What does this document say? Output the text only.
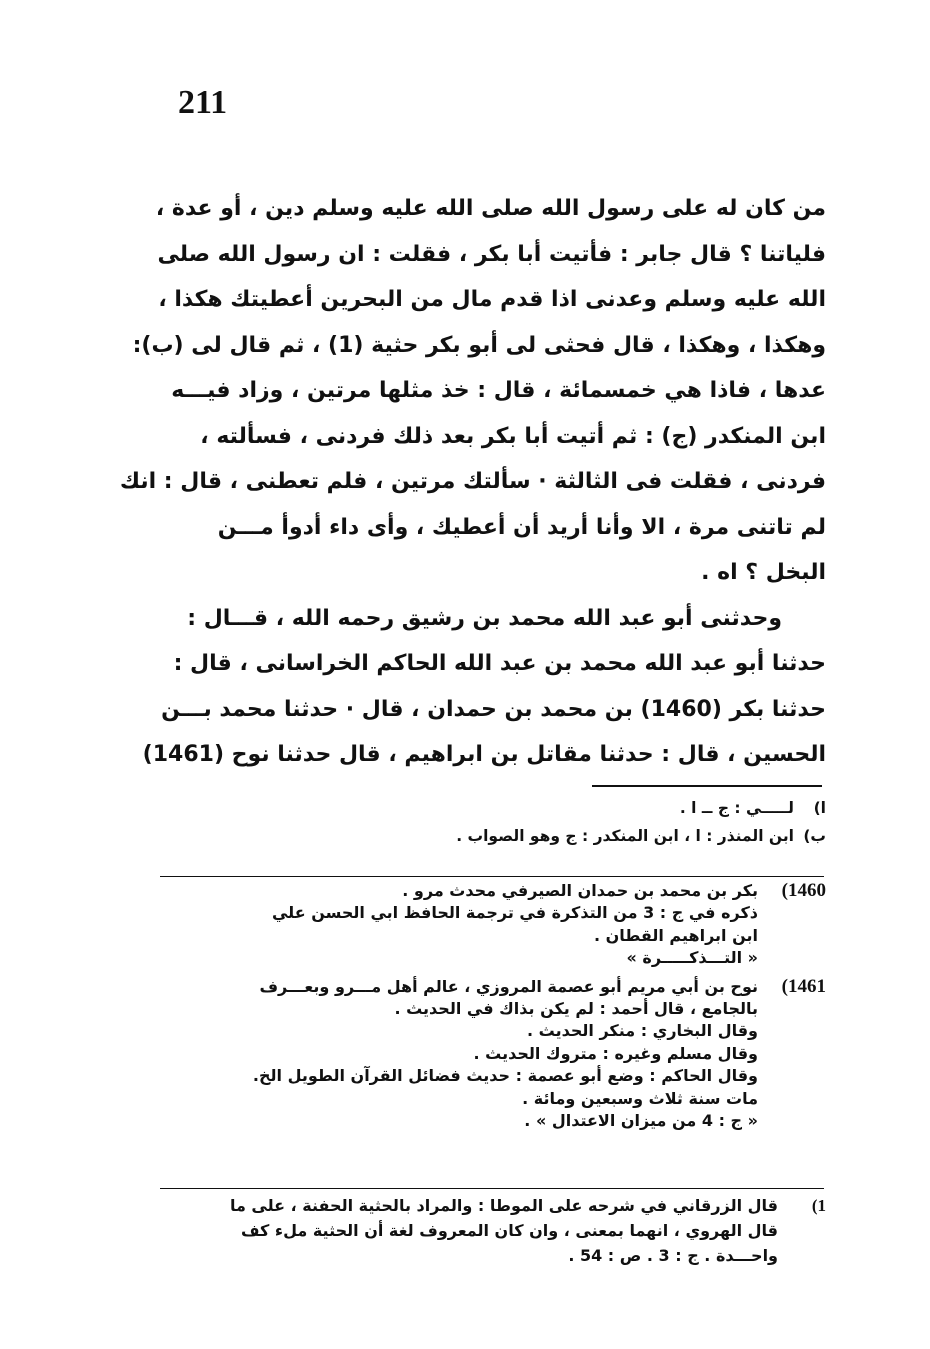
211
من كان له على رسول الله صلى الله عليه وسلم دين ، أو عدة ،
فلياتنا ؟ قال جابر : فأتيت أبا بكر ، فقلت : ان رسول الله صلى
الله عليه وسلم وعدنى اذا قدم مال من البحرين أعطيتك هكذا ،
وهكذا ، وهكذا ، قال فحثى لى أبو بكر حثية (1) ، ثم قال لى (ب):
عدها ، فاذا هي خمسمائة ، قال : خذ مثلها مرتين ، وزاد فيـــه
ابن المنكدر (ج) : ثم أتيت أبا بكر بعد ذلك فردنى ، فسألته ،
فردنى ، فقلت فى الثالثة · سألتك مرتين ، فلم تعطنى ، قال : انك
لم تاتنى مرة ، الا وأنا أريد أن أعطيك ، وأى داء أدوأ مـــن
البخل ؟ اه .
وحدثنى أبو عبد الله محمد بن رشيق رحمه الله ، قـــال :
حدثنا أبو عبد الله محمد بن عبد الله الحاكم الخراسانى ، قال :
حدثنا بكر (1460) بن محمد بن حمدان ، قال · حدثنا محمد بـــن
الحسين ، قال : حدثنا مقاتل بن ابراهيم ، قال حدثنا نوح (1461)

ا)
لـــــي : ج ــ ا .

ب)
ابن المنذر : ا ، ابن المنكدر : ج وهو الصواب .

1460)
بكر بن محمد بن حمدان الصيرفي محدث مرو .
ذكره في ج : 3 من التذكرة في ترجمة الحافظ ابي الحسن علي
ابن ابراهيم القطان .
« التـــذكـــــرة »

1461)
نوح بن أبي مريم أبو عصمة المروزي ، عالم أهل مـــرو وبعـــرف
بالجامع ، قال أحمد : لم يكن بذاك في الحديث .
وقال البخاري : منكر الحديث .
وقال مسلم وغيره : متروك الحديث .
وقال الحاكم : وضع أبو عصمة : حديث فضائل القرآن الطويل الخ.
مات سنة ثلاث وسبعين ومائة .
« ج : 4 من ميزان الاعتدال » .

1)
قال الزرقاني في شرحه على الموطا : والمراد بالحثية الحفنة ، على ما
قال الهروي ، انهما بمعنى ، وان كان المعروف لغة أن الحثية ملء كف
واحـــدة . ج : 3 . ص : 54 .
